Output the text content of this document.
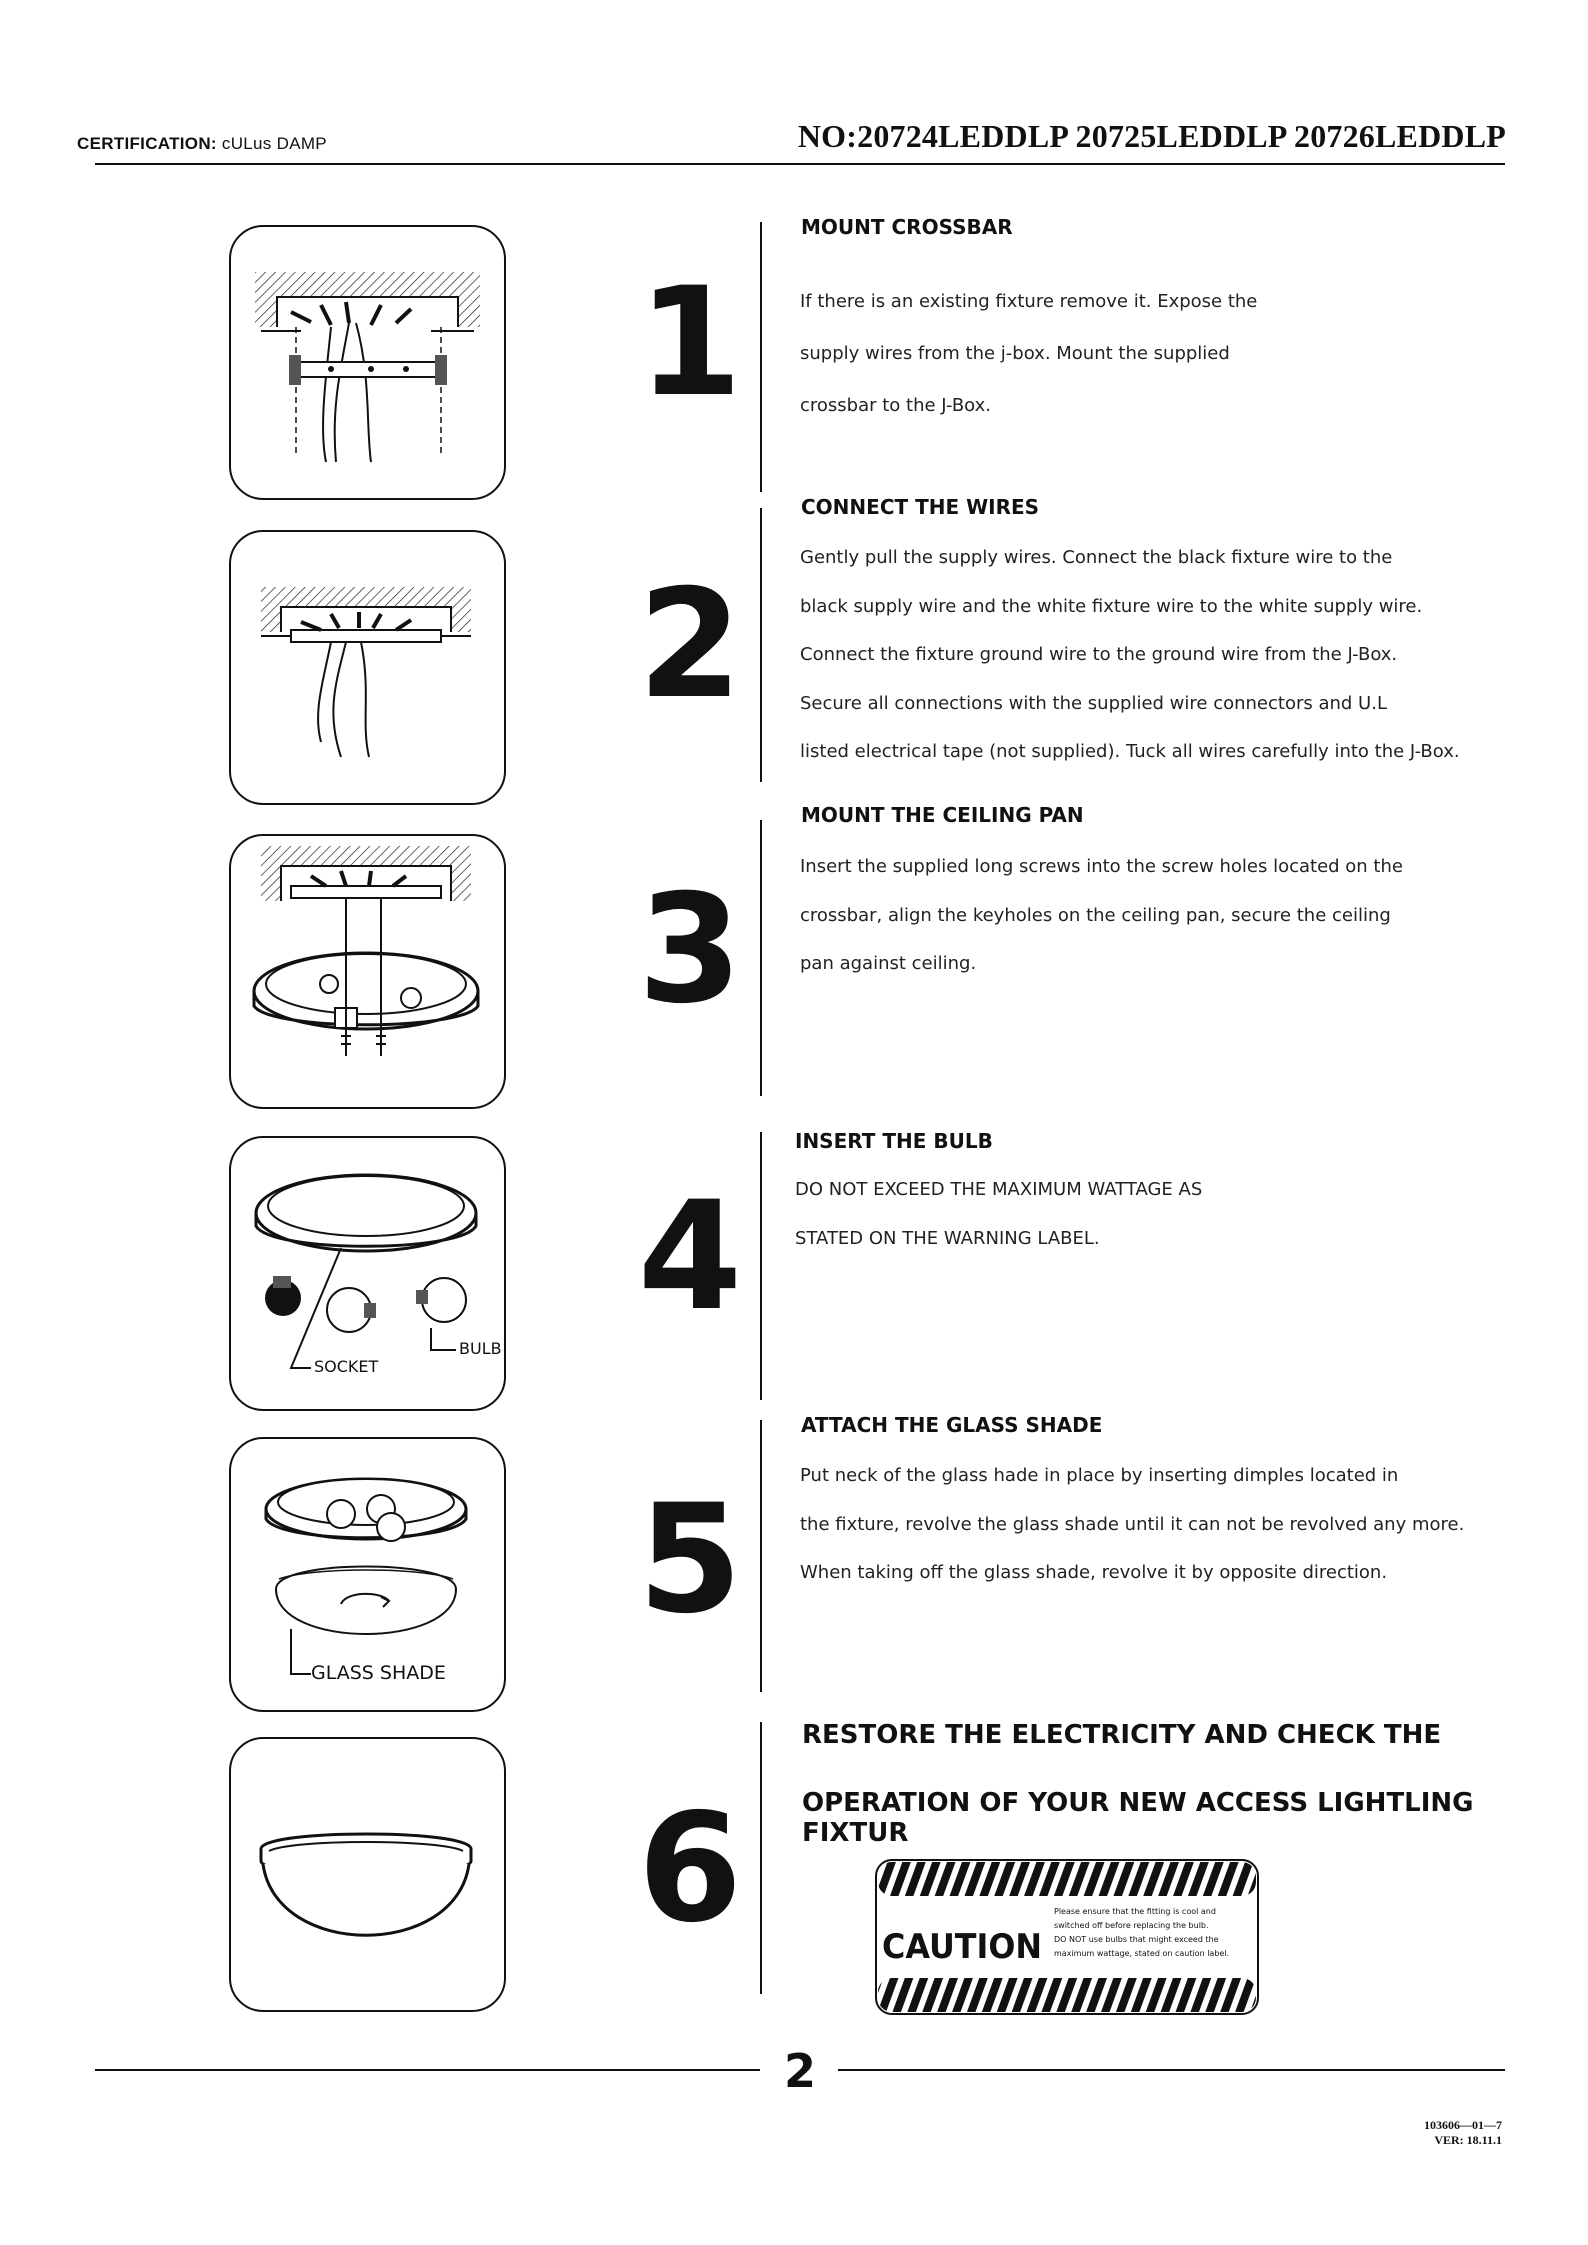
CERTIFICATION: cULus DAMP	NO:20724LEDDLP 20725LEDDLP 20726LEDDLP
1
MOUNT CROSSBAR
If there is an existing fixture remove it. Expose the
supply wires from the j-box. Mount the supplied
crossbar to the J-Box.
2
CONNECT THE WIRES
Gently pull the supply wires. Connect the black fixture wire to the
black supply wire and the white fixture wire to the white supply wire.
Connect the fixture ground wire to the ground wire from the J-Box.
Secure all connections with the supplied wire connectors and U.L
listed electrical tape (not supplied). Tuck all wires carefully into the J-Box.
3
MOUNT THE CEILING PAN
Insert the supplied long screws into the screw holes located on the
crossbar, align the keyholes on the ceiling pan, secure the ceiling
pan against ceiling.
SOCKET
BULB
4
INSERT THE BULB
DO NOT EXCEED THE MAXIMUM WATTAGE AS
STATED ON THE WARNING LABEL.
GLASS SHADE
5
ATTACH THE GLASS SHADE
Put neck of the glass hade in place by inserting dimples located in
the fixture, revolve the glass shade until it can not be revolved any more.
When taking off the glass shade, revolve it by opposite direction.
6
RESTORE THE ELECTRICITY AND CHECK THE
OPERATION OF YOUR NEW ACCESS LIGHTLING FIXTUR
CAUTION
Please ensure that the fitting is cool and
switched off before replacing the bulb.
DO NOT use bulbs that might exceed the
maximum wattage, stated on caution label.
2
103606—01—7
VER: 18.11.1
